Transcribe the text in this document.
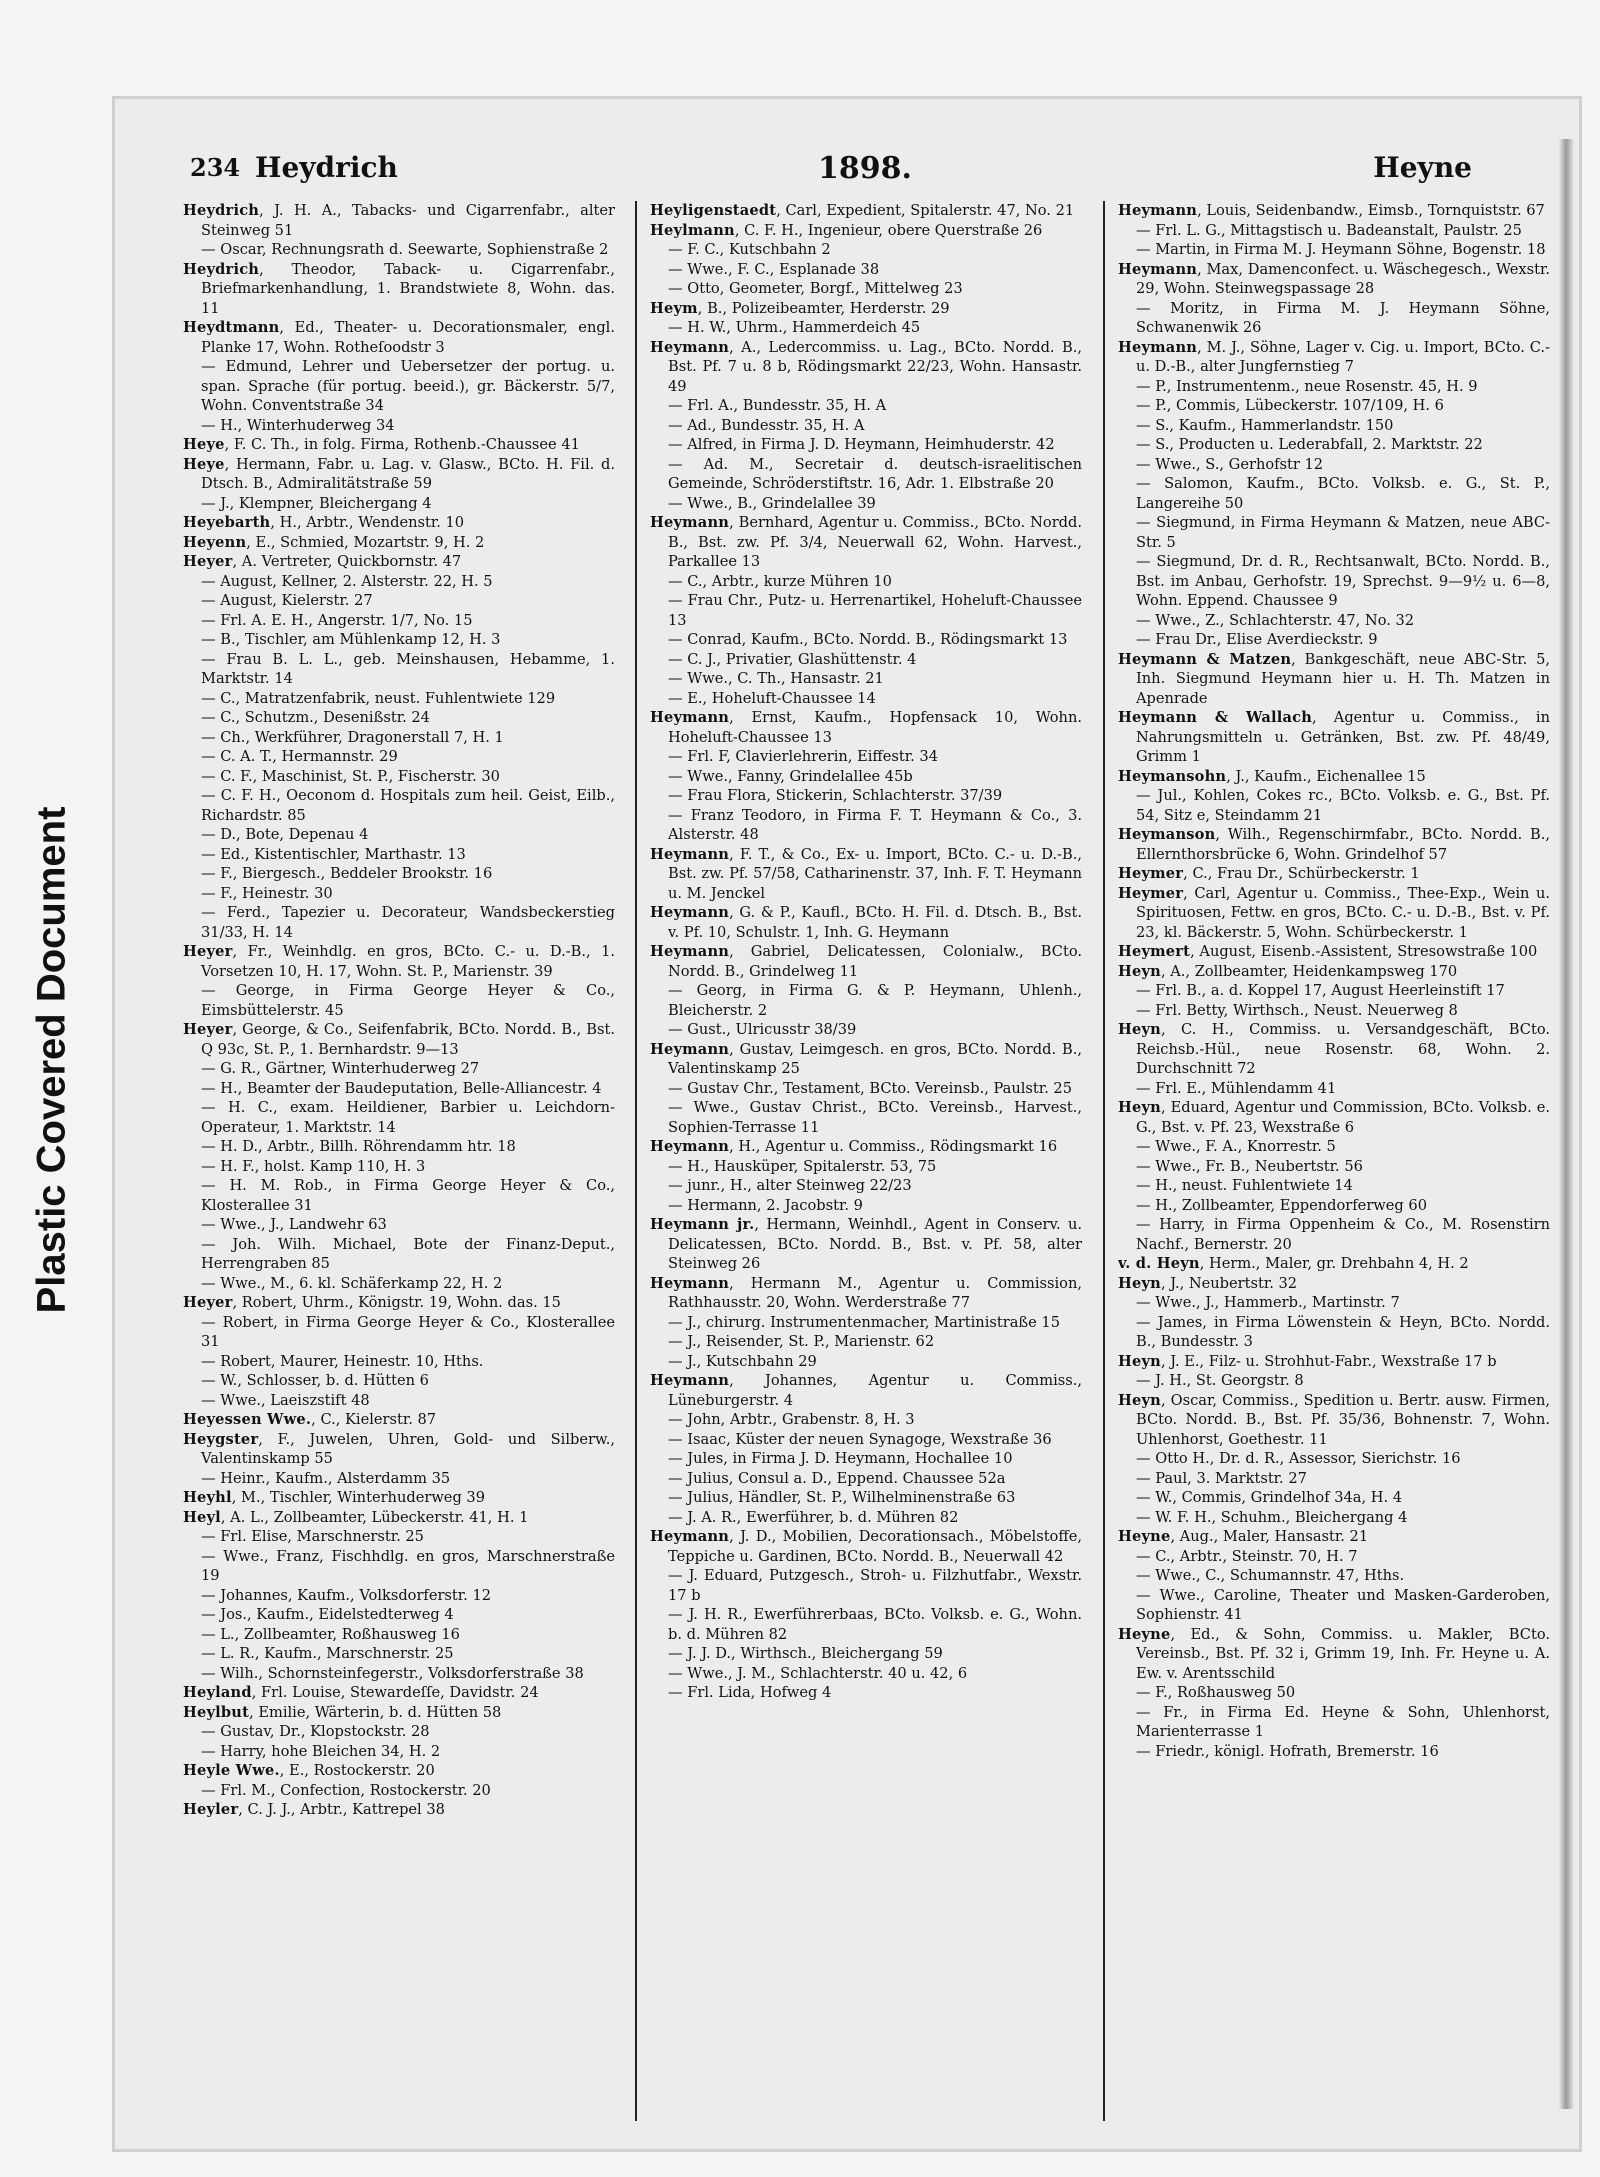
Plastic Covered Document
234 Heydrich	1898.	Heyne

Heydrich, J. H. A., Tabacks- und Cigarrenfabr., alter Steinweg 51

— Oscar, Rechnungsrath d. Seewarte, Sophienstraße 2

Heydrich, Theodor, Taback- u. Cigarrenfabr., Briefmarkenhandlung, 1. Brandstwiete 8, Wohn. das. 11

Heydtmann, Ed., Theater- u. Decorationsmaler, engl. Planke 17, Wohn. Rotheſoodstr 3

— Edmund, Lehrer und Uebersetzer der portug. u. span. Sprache (für portug. beeid.), gr. Bäckerstr. 5/7, Wohn. Conventstraße 34

— H., Winterhuderweg 34

Heye, F. C. Th., in folg. Firma, Rothenb.-Chaussee 41

Heye, Hermann, Fabr. u. Lag. v. Glasw., BCto. H. Fil. d. Dtsch. B., Admiralitätstraße 59

— J., Klempner, Bleichergang 4

Heyebarth, H., Arbtr., Wendenstr. 10

Heyenn, E., Schmied, Mozartstr. 9, H. 2

Heyer, A. Vertreter, Quickbornstr. 47

— August, Kellner, 2. Alsterstr. 22, H. 5

— August, Kielerstr. 27

— Frl. A. E. H., Angerstr. 1/7, No. 15

— B., Tischler, am Mühlenkamp 12, H. 3

— Frau B. L. L., geb. Meinshausen, Hebamme, 1. Marktstr. 14

— C., Matratzenfabrik, neust. Fuhlentwiete 129

— C., Schutzm., Desenißstr. 24

— Ch., Werkführer, Dragonerstall 7, H. 1

— C. A. T., Hermannstr. 29

— C. F., Maschinist, St. P., Fischerstr. 30

— C. F. H., Oeconom d. Hospitals zum heil. Geist, Eilb., Richardstr. 85

— D., Bote, Depenau 4

— Ed., Kistentischler, Marthastr. 13

— F., Biergesch., Beddeler Brookstr. 16

— F., Heinestr. 30

— Ferd., Tapezier u. Decorateur, Wandsbeckerstieg 31/33, H. 14

Heyer, Fr., Weinhdlg. en gros, BCto. C.- u. D.-B., 1. Vorsetzen 10, H. 17, Wohn. St. P., Marienstr. 39

— George, in Firma George Heyer & Co., Eimsbüttelerstr. 45

Heyer, George, & Co., Seifenfabrik, BCto. Nordd. B., Bst. Q 93c, St. P., 1. Bernhardstr. 9—13

— G. R., Gärtner, Winterhuderweg 27

— H., Beamter der Baudeputation, Belle-Alliancestr. 4

— H. C., exam. Heildiener, Barbier u. Leichdorn-Operateur, 1. Marktstr. 14

— H. D., Arbtr., Billh. Röhrendamm htr. 18

— H. F., holst. Kamp 110, H. 3

— H. M. Rob., in Firma George Heyer & Co., Klosterallee 31

— Wwe., J., Landwehr 63

— Joh. Wilh. Michael, Bote der Finanz-Deput., Herrengraben 85

— Wwe., M., 6. kl. Schäferkamp 22, H. 2

Heyer, Robert, Uhrm., Königstr. 19, Wohn. das. 15

— Robert, in Firma George Heyer & Co., Klosterallee 31

— Robert, Maurer, Heinestr. 10, Hths.

— W., Schlosser, b. d. Hütten 6

— Wwe., Laeiszstift 48

Heyessen Wwe., C., Kielerstr. 87

Heygster, F., Juwelen, Uhren, Gold- und Silberw., Valentinskamp 55

— Heinr., Kaufm., Alsterdamm 35

Heyhl, M., Tischler, Winterhuderweg 39

Heyl, A. L., Zollbeamter, Lübeckerstr. 41, H. 1

— Frl. Elise, Marschnerstr. 25

— Wwe., Franz, Fischhdlg. en gros, Marschnerstraße 19

— Johannes, Kaufm., Volksdorferstr. 12

— Jos., Kaufm., Eidelstedterweg 4

— L., Zollbeamter, Roßhausweg 16

— L. R., Kaufm., Marschnerstr. 25

— Wilh., Schornsteinfegerstr., Volksdorferstraße 38

Heyland, Frl. Louise, Stewardeſſe, Davidstr. 24

Heylbut, Emilie, Wärterin, b. d. Hütten 58

— Gustav, Dr., Klopstockstr. 28

— Harry, hohe Bleichen 34, H. 2

Heyle Wwe., E., Rostockerstr. 20

— Frl. M., Confection, Rostockerstr. 20

Heyler, C. J. J., Arbtr., Kattrepel 38

Heyligenstaedt, Carl, Expedient, Spitalerstr. 47, No. 21

Heylmann, C. F. H., Ingenieur, obere Querstraße 26

— F. C., Kutschbahn 2

— Wwe., F. C., Esplanade 38

— Otto, Geometer, Borgf., Mittelweg 23

Heym, B., Polizeibeamter, Herderstr. 29

— H. W., Uhrm., Hammerdeich 45

Heymann, A., Ledercommiss. u. Lag., BCto. Nordd. B., Bst. Pf. 7 u. 8 b, Rödingsmarkt 22/23, Wohn. Hansastr. 49

— Frl. A., Bundesstr. 35, H. A

— Ad., Bundesstr. 35, H. A

— Alfred, in Firma J. D. Heymann, Heimhuderstr. 42

— Ad. M., Secretair d. deutsch-israelitischen Gemeinde, Schröderstiftstr. 16, Adr. 1. Elbstraße 20

— Wwe., B., Grindelallee 39

Heymann, Bernhard, Agentur u. Commiss., BCto. Nordd. B., Bst. zw. Pf. 3/4, Neuerwall 62, Wohn. Harvest., Parkallee 13

— C., Arbtr., kurze Mühren 10

— Frau Chr., Putz- u. Herrenartikel, Hoheluft-Chaussee 13

— Conrad, Kaufm., BCto. Nordd. B., Rödingsmarkt 13

— C. J., Privatier, Glashüttenstr. 4

— Wwe., C. Th., Hansastr. 21

— E., Hoheluft-Chaussee 14

Heymann, Ernst, Kaufm., Hopfensack 10, Wohn. Hoheluft-Chaussee 13

— Frl. F, Clavierlehrerin, Eiffestr. 34

— Wwe., Fanny, Grindelallee 45b

— Frau Flora, Stickerin, Schlachterstr. 37/39

— Franz Teodoro, in Firma F. T. Heymann & Co., 3. Alsterstr. 48

Heymann, F. T., & Co., Ex- u. Import, BCto. C.- u. D.-B., Bst. zw. Pf. 57/58, Catharinenstr. 37, Inh. F. T. Heymann u. M. Jenckel

Heymann, G. & P., Kaufl., BCto. H. Fil. d. Dtsch. B., Bst. v. Pf. 10, Schulstr. 1, Inh. G. Heymann

Heymann, Gabriel, Delicatessen, Colonialw., BCto. Nordd. B., Grindelweg 11

— Georg, in Firma G. & P. Heymann, Uhlenh., Bleicherstr. 2

— Gust., Ulricusstr 38/39

Heymann, Gustav, Leimgesch. en gros, BCto. Nordd. B., Valentinskamp 25

— Gustav Chr., Testament, BCto. Vereinsb., Paulstr. 25

— Wwe., Gustav Christ., BCto. Vereinsb., Harvest., Sophien-Terrasse 11

Heymann, H., Agentur u. Commiss., Rödingsmarkt 16

— H., Hausküper, Spitalerstr. 53, 75

— junr., H., alter Steinweg 22/23

— Hermann, 2. Jacobstr. 9

Heymann jr., Hermann, Weinhdl., Agent in Conserv. u. Delicatessen, BCto. Nordd. B., Bst. v. Pf. 58, alter Steinweg 26

Heymann, Hermann M., Agentur u. Commission, Rathhausstr. 20, Wohn. Werderstraße 77

— J., chirurg. Instrumentenmacher, Martinistraße 15

— J., Reisender, St. P., Marienstr. 62

— J., Kutschbahn 29

Heymann, Johannes, Agentur u. Commiss., Lüneburgerstr. 4

— John, Arbtr., Grabenstr. 8, H. 3

— Isaac, Küster der neuen Synagoge, Wexstraße 36

— Jules, in Firma J. D. Heymann, Hochallee 10

— Julius, Consul a. D., Eppend. Chaussee 52a

— Julius, Händler, St. P., Wilhelminenstraße 63

— J. A. R., Ewerführer, b. d. Mühren 82

Heymann, J. D., Mobilien, Decorationsach., Möbelstoffe, Teppiche u. Gardinen, BCto. Nordd. B., Neuerwall 42

— J. Eduard, Putzgesch., Stroh- u. Filzhutfabr., Wexstr. 17 b

— J. H. R., Ewerführerbaas, BCto. Volksb. e. G., Wohn. b. d. Mühren 82

— J. J. D., Wirthsch., Bleichergang 59

— Wwe., J. M., Schlachterstr. 40 u. 42, 6

— Frl. Lida, Hofweg 4

Heymann, Louis, Seidenbandw., Eimsb., Tornquiststr. 67

— Frl. L. G., Mittagstisch u. Badeanstalt, Paulstr. 25

— Martin, in Firma M. J. Heymann Söhne, Bogenstr. 18

Heymann, Max, Damenconfect. u. Wäschegesch., Wexstr. 29, Wohn. Steinwegspassage 28

— Moritz, in Firma M. J. Heymann Söhne, Schwanenwik 26

Heymann, M. J., Söhne, Lager v. Cig. u. Import, BCto. C.- u. D.-B., alter Jungfernstieg 7

— P., Instrumentenm., neue Rosenstr. 45, H. 9

— P., Commis, Lübeckerstr. 107/109, H. 6

— S., Kaufm., Hammerlandstr. 150

— S., Producten u. Lederabfall, 2. Marktstr. 22

— Wwe., S., Gerhofstr 12

— Salomon, Kaufm., BCto. Volksb. e. G., St. P., Langereihe 50

— Siegmund, in Firma Heymann & Matzen, neue ABC-Str. 5

— Siegmund, Dr. d. R., Rechtsanwalt, BCto. Nordd. B., Bst. im Anbau, Gerhofstr. 19, Sprechst. 9—9½ u. 6—8, Wohn. Eppend. Chaussee 9

— Wwe., Z., Schlachterstr. 47, No. 32

— Frau Dr., Elise Averdieckstr. 9

Heymann & Matzen, Bankgeschäft, neue ABC-Str. 5, Inh. Siegmund Heymann hier u. H. Th. Matzen in Apenrade

Heymann & Wallach, Agentur u. Commiss., in Nahrungsmitteln u. Getränken, Bst. zw. Pf. 48/49, Grimm 1

Heymansohn, J., Kaufm., Eichenallee 15

— Jul., Kohlen, Cokes rc., BCto. Volksb. e. G., Bst. Pf. 54, Sitz e, Steindamm 21

Heymanson, Wilh., Regenschirmfabr., BCto. Nordd. B., Ellernthorsbrücke 6, Wohn. Grindelhof 57

Heymer, C., Frau Dr., Schürbeckerstr. 1

Heymer, Carl, Agentur u. Commiss., Thee-Exp., Wein u. Spirituosen, Fettw. en gros, BCto. C.- u. D.-B., Bst. v. Pf. 23, kl. Bäckerstr. 5, Wohn. Schürbeckerstr. 1

Heymert, August, Eisenb.-Assistent, Stresowstraße 100

Heyn, A., Zollbeamter, Heidenkampsweg 170

— Frl. B., a. d. Koppel 17, August Heerleinstift 17

— Frl. Betty, Wirthsch., Neust. Neuerweg 8

Heyn, C. H., Commiss. u. Versandgeschäft, BCto. Reichsb.-Hül., neue Rosenstr. 68, Wohn. 2. Durchschnitt 72

— Frl. E., Mühlendamm 41

Heyn, Eduard, Agentur und Commission, BCto. Volksb. e. G., Bst. v. Pf. 23, Wexstraße 6

— Wwe., F. A., Knorrestr. 5

— Wwe., Fr. B., Neubertstr. 56

— H., neust. Fuhlentwiete 14

— H., Zollbeamter, Eppendorferweg 60

— Harry, in Firma Oppenheim & Co., M. Rosenstirn Nachf., Bernerstr. 20

v. d. Heyn, Herm., Maler, gr. Drehbahn 4, H. 2

Heyn, J., Neubertstr. 32

— Wwe., J., Hammerb., Martinstr. 7

— James, in Firma Löwenstein & Heyn, BCto. Nordd. B., Bundesstr. 3

Heyn, J. E., Filz- u. Strohhut-Fabr., Wexstraße 17 b

— J. H., St. Georgstr. 8

Heyn, Oscar, Commiss., Spedition u. Bertr. ausw. Firmen, BCto. Nordd. B., Bst. Pf. 35/36, Bohnenstr. 7, Wohn. Uhlenhorst, Goethestr. 11

— Otto H., Dr. d. R., Assessor, Sierichstr. 16

— Paul, 3. Marktstr. 27

— W., Commis, Grindelhof 34a, H. 4

— W. F. H., Schuhm., Bleichergang 4

Heyne, Aug., Maler, Hansastr. 21

— C., Arbtr., Steinstr. 70, H. 7

— Wwe., C., Schumannstr. 47, Hths.

— Wwe., Caroline, Theater und Masken-Garderoben, Sophienstr. 41

Heyne, Ed., & Sohn, Commiss. u. Makler, BCto. Vereinsb., Bst. Pf. 32 i, Grimm 19, Inh. Fr. Heyne u. A. Ew. v. Arentsschild

— F., Roßhausweg 50

— Fr., in Firma Ed. Heyne & Sohn, Uhlenhorst, Marienterrasse 1

— Friedr., königl. Hofrath, Bremerstr. 16
